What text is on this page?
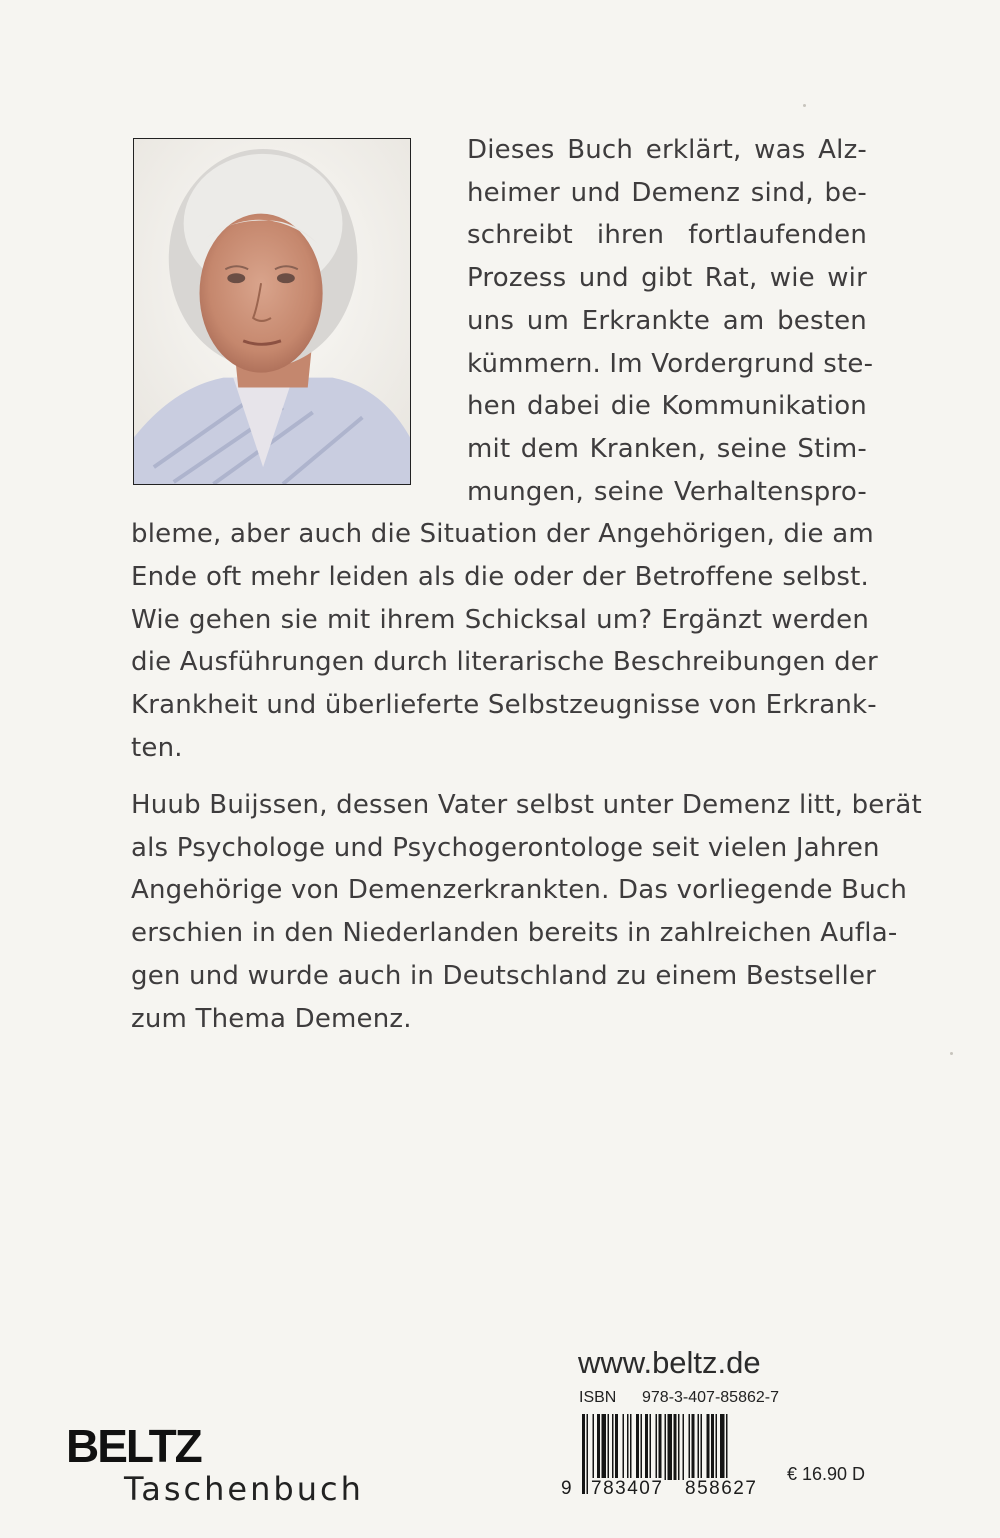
Dieses Buch erklärt, was Alz-
heimer und Demenz sind, be-
schreibt ihren fortlaufenden
Prozess und gibt Rat, wie wir
uns um Erkrankte am besten
kümmern. Im Vordergrund ste-
hen dabei die Kommunikation
mit dem Kranken, seine Stim-
mungen, seine Verhaltenspro-
bleme, aber auch die Situation der Angehörigen, die am
Ende oft mehr leiden als die oder der Betroffene selbst.
Wie gehen sie mit ihrem Schicksal um? Ergänzt werden
die Ausführungen durch literarische Beschreibungen der
Krankheit und überlieferte Selbstzeugnisse von Erkrank-
ten.
Huub Buijssen, dessen Vater selbst unter Demenz litt, berät
als Psychologe und Psychogerontologe seit vielen Jahren
Angehörige von Demenzerkrankten. Das vorliegende Buch
erschien in den Niederlanden bereits in zahlreichen Aufla-
gen und wurde auch in Deutschland zu einem Bestseller
zum Thema Demenz.
www.beltz.de
ISBN 978-3-407-85862-7
9 783407 858627
€ 16.90 D
BELTZ
Taschenbuch
